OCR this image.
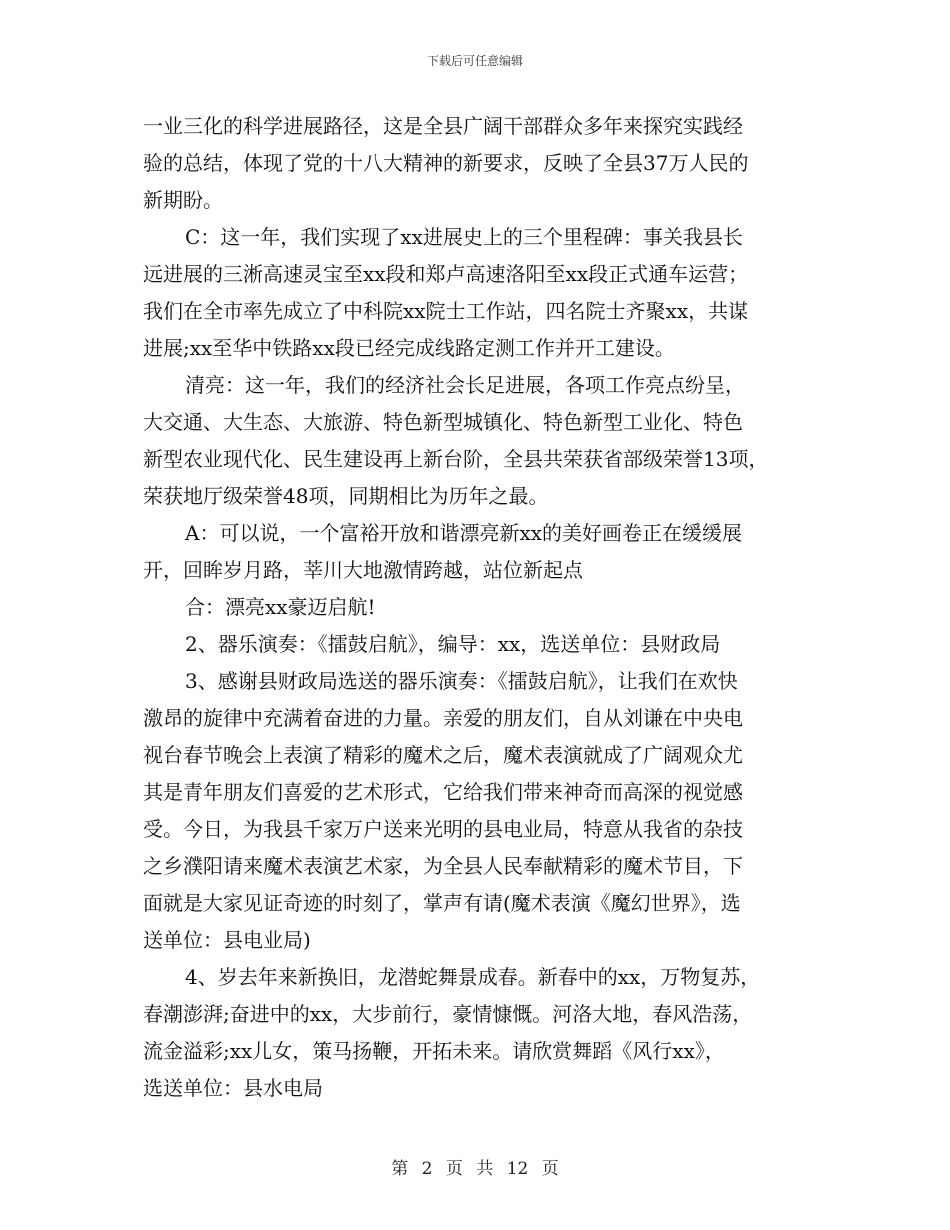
下载后可任意编辑

一业三化的科学进展路径，这是全县广阔干部群众多年来探究实践经
验的总结，体现了党的十八大精神的新要求，反映了全县37万人民的
新期盼。

C：这一年，我们实现了xx进展史上的三个里程碑：事关我县长
远进展的三淅高速灵宝至xx段和郑卢高速洛阳至xx段正式通车运营；
我们在全市率先成立了中科院xx院士工作站，四名院士齐聚xx，共谋
进展;xx至华中铁路xx段已经完成线路定测工作并开工建设。

清亮：这一年，我们的经济社会长足进展，各项工作亮点纷呈，
大交通、大生态、大旅游、特色新型城镇化、特色新型工业化、特色
新型农业现代化、民生建设再上新台阶，全县共荣获省部级荣誉13项，
荣获地厅级荣誉48项，同期相比为历年之最。

A：可以说，一个富裕开放和谐漂亮新xx的美好画卷正在缓缓展
开，回眸岁月路，莘川大地激情跨越，站位新起点

合：漂亮xx豪迈启航!

2、器乐演奏：《擂鼓启航》，编导：xx，选送单位：县财政局

3、感谢县财政局选送的器乐演奏：《擂鼓启航》，让我们在欢快
激昂的旋律中充满着奋进的力量。亲爱的朋友们，自从刘谦在中央电
视台春节晚会上表演了精彩的魔术之后，魔术表演就成了广阔观众尤
其是青年朋友们喜爱的艺术形式，它给我们带来神奇而高深的视觉感
受。今日，为我县千家万户送来光明的县电业局，特意从我省的杂技
之乡濮阳请来魔术表演艺术家，为全县人民奉献精彩的魔术节目，下
面就是大家见证奇迹的时刻了，掌声有请(魔术表演《魔幻世界》，选
送单位：县电业局)

4、岁去年来新换旧，龙潜蛇舞景成春。新春中的xx，万物复苏，
春潮澎湃;奋进中的xx，大步前行，豪情慷慨。河洛大地，春风浩荡，
流金溢彩;xx儿女，策马扬鞭，开拓未来。请欣赏舞蹈《风行xx》，
选送单位：县水电局

第 2 页 共 12 页
